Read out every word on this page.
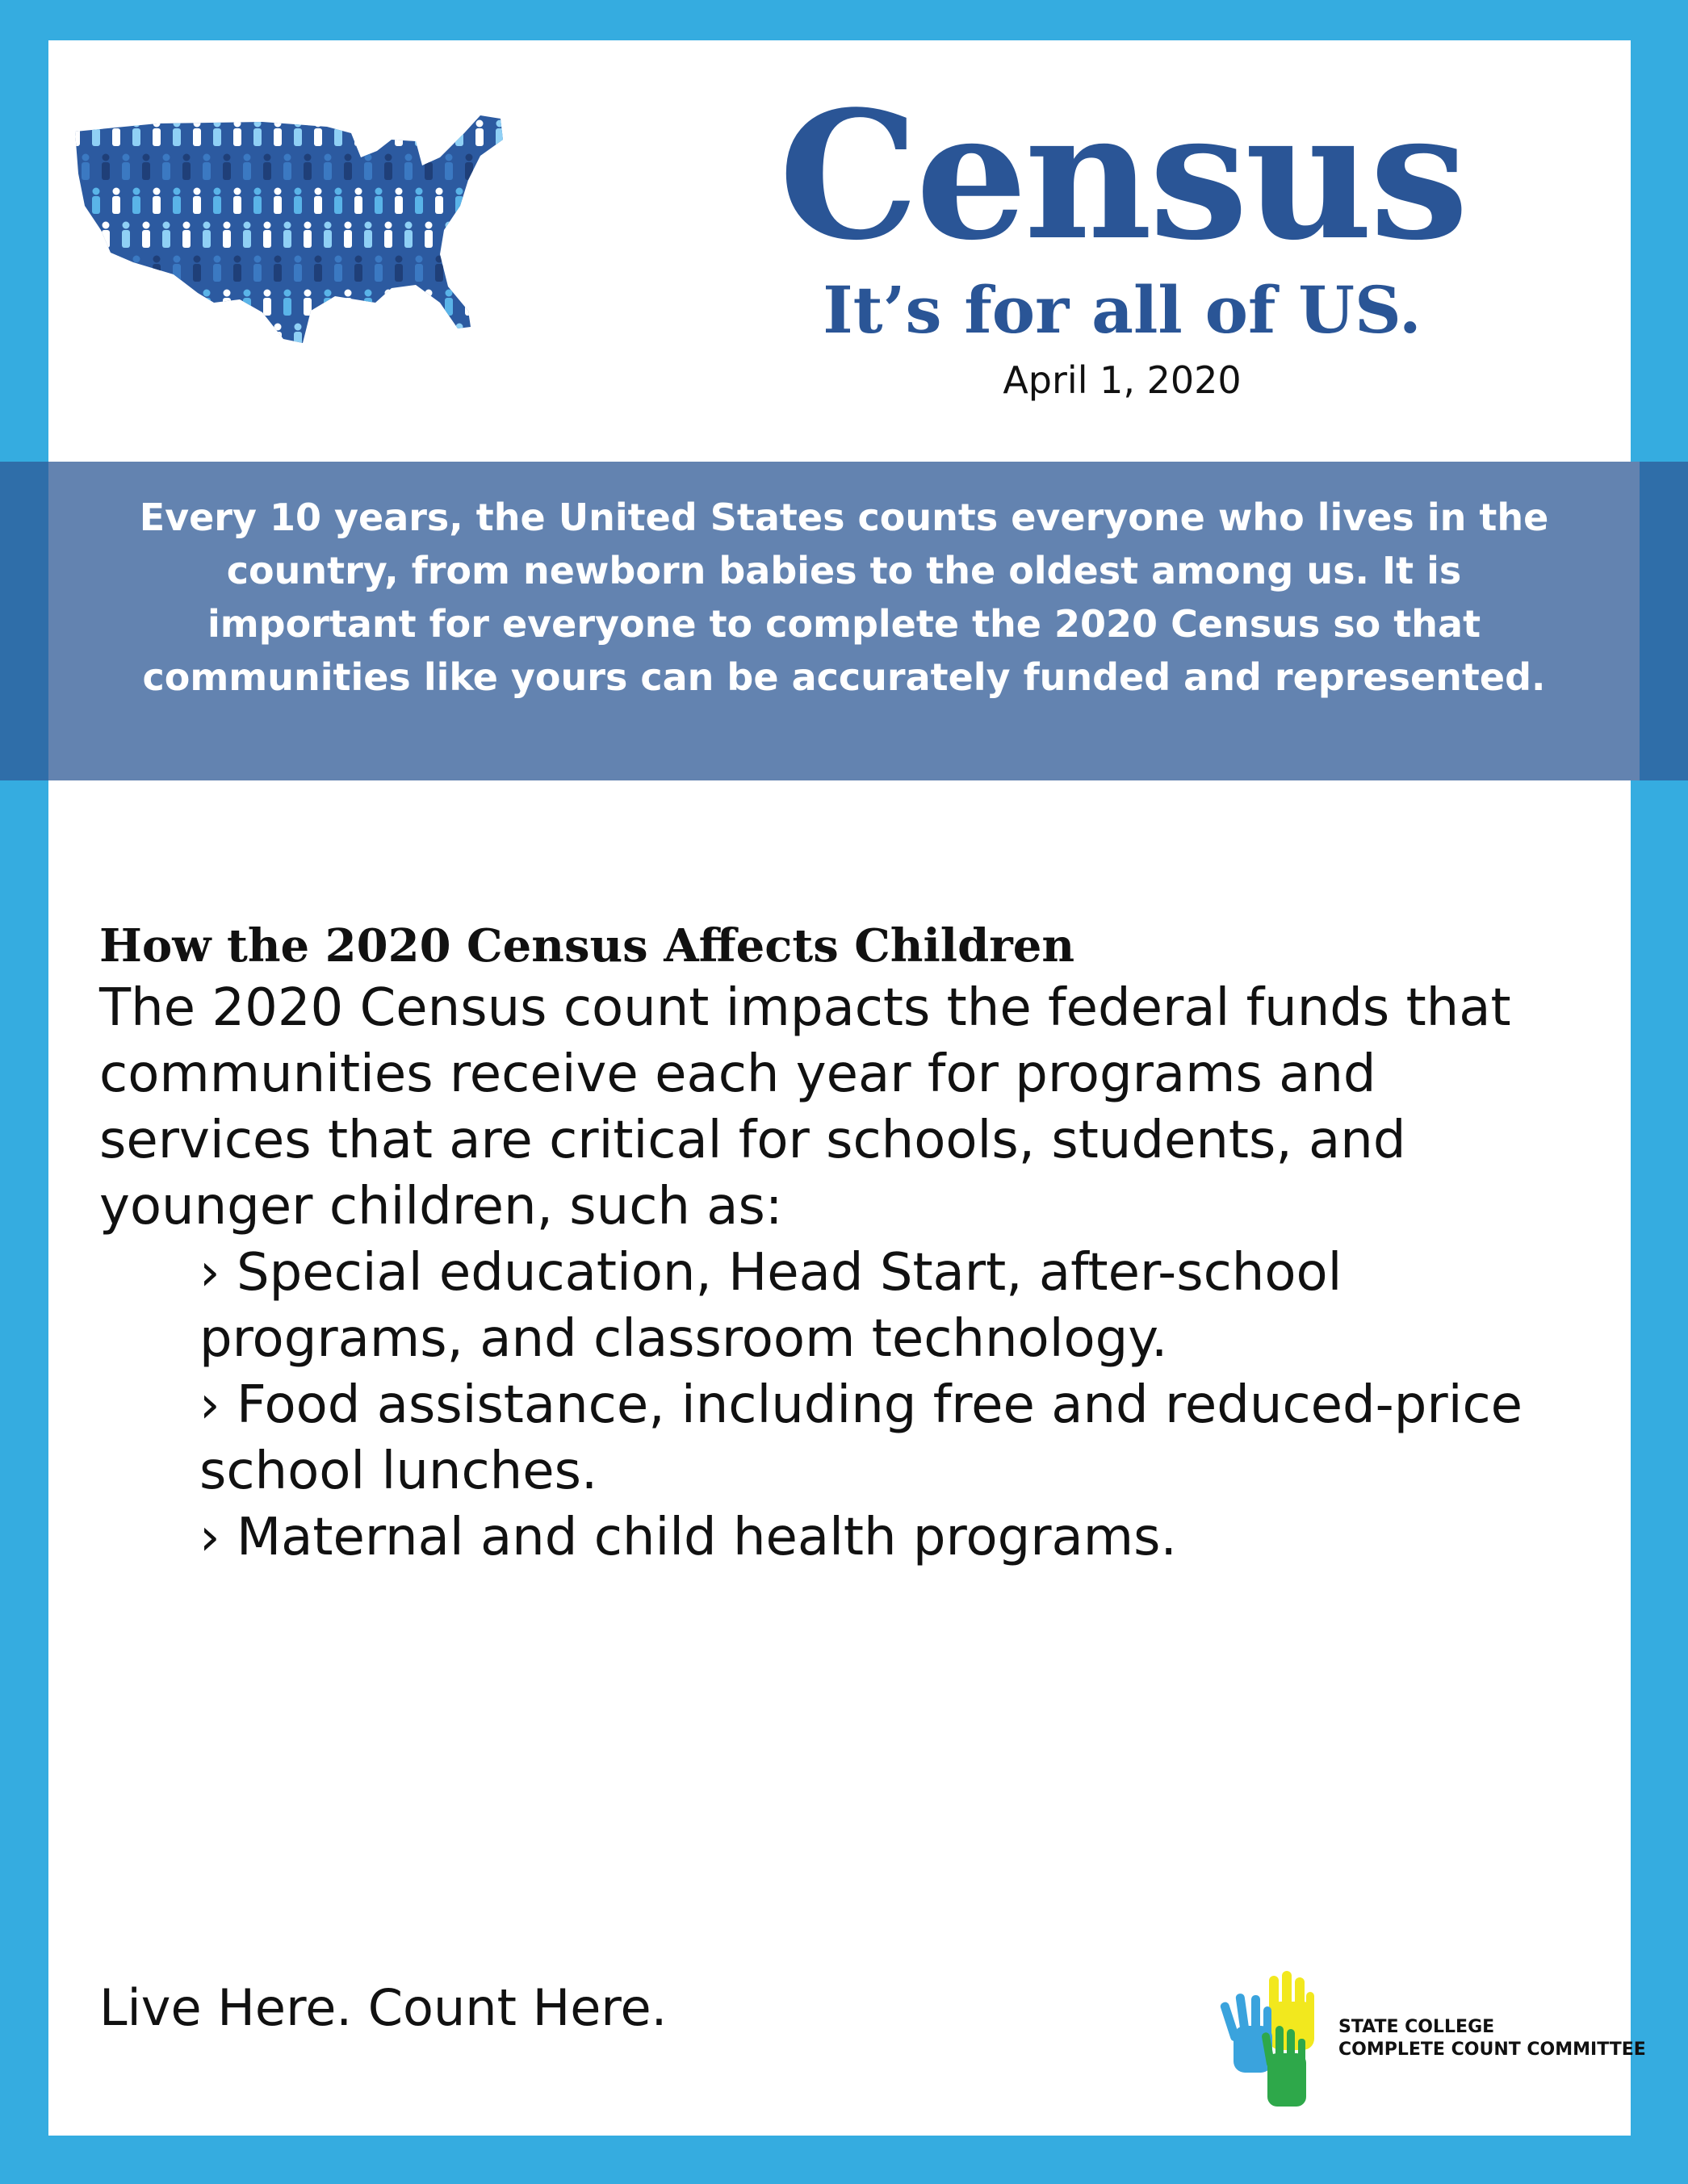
Census
It’s for all of US.
April 1, 2020
Every 10 years, the United States counts everyone who lives in the country, from newborn babies to the oldest among us. It is important for everyone to complete the 2020 Census so that communities like yours can be accurately funded and represented.
How the 2020 Census Affects Children

The 2020 Census count impacts the federal funds that communities receive each year for programs and services that are critical for schools, students, and younger children, such as:

› Special education, Head Start, after-school programs, and classroom technology.
› Food assistance, including free and reduced-price school lunches.
› Maternal and child health programs.
Live Here. Count Here.	STATE COLLEGE
COMPLETE COUNT COMMITTEE
